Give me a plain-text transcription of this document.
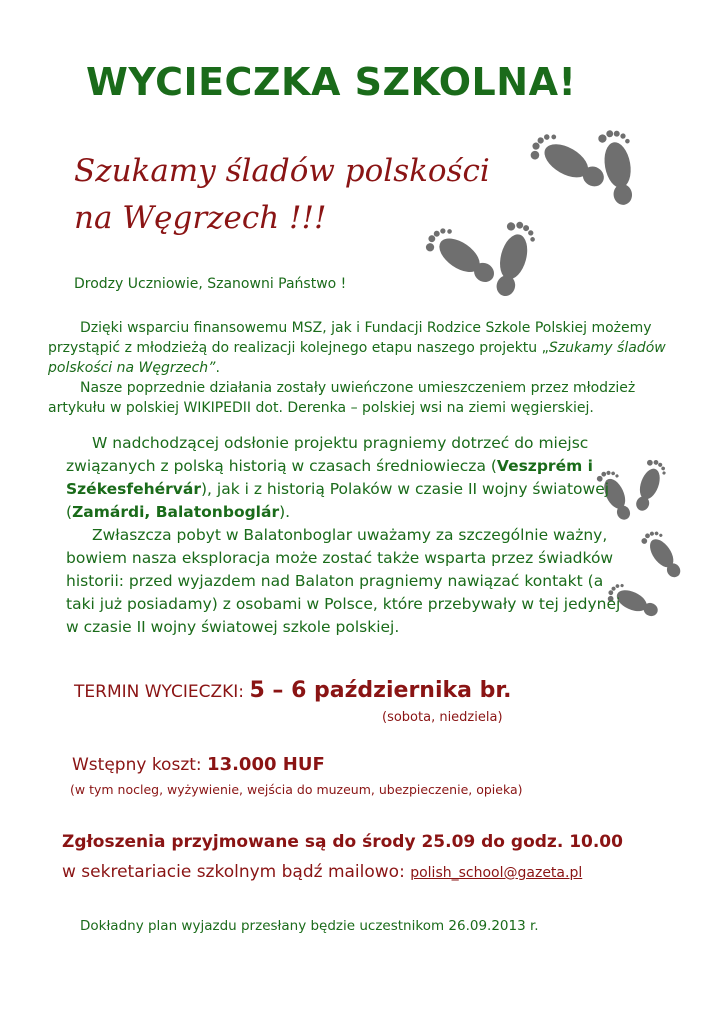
WYCIECZKA SZKOLNA!
Szukamy śladów polskości
na Węgrzech !!!
Drodzy Uczniowie, Szanowni Państwo !

Dzięki wsparciu finansowemu MSZ, jak i Fundacji Rodzice Szkole Polskiej możemy przystąpić z młodzieżą do realizacji kolejnego etapu naszego projektu „Szukamy śladów polskości na Węgrzech”.

Nasze poprzednie działania zostały uwieńczone umieszczeniem przez młodzież artykułu w polskiej WIKIPEDII dot. Derenka – polskiej wsi na ziemi węgierskiej.

W nadchodzącej odsłonie projektu pragniemy dotrzeć do miejsc związanych z polską historią w czasach średniowiecza (Veszprém i Székesfehérvár), jak i z historią Polaków w czasie II wojny światowej (Zamárdi, Balatonboglár).

Zwłaszcza pobyt w Balatonboglar uważamy za szczególnie ważny, bowiem nasza eksploracja może zostać także wsparta przez świadków historii: przed wyjazdem nad Balaton pragniemy nawiązać kontakt (a taki już posiadamy) z osobami w Polsce, które przebywały w tej jedynej w czasie II wojny światowej szkole polskiej.

TERMIN WYCIECZKI: 5 – 6 października br.
(sobota, niedziela)
Wstępny koszt: 13.000 HUF
(w tym nocleg, wyżywienie, wejścia do muzeum, ubezpieczenie, opieka)
Zgłoszenia przyjmowane są do środy 25.09 do godz. 10.00
w sekretariacie szkolnym bądź mailowo: polish_school@gazeta.pl
Dokładny plan wyjazdu przesłany będzie uczestnikom 26.09.2013 r.
